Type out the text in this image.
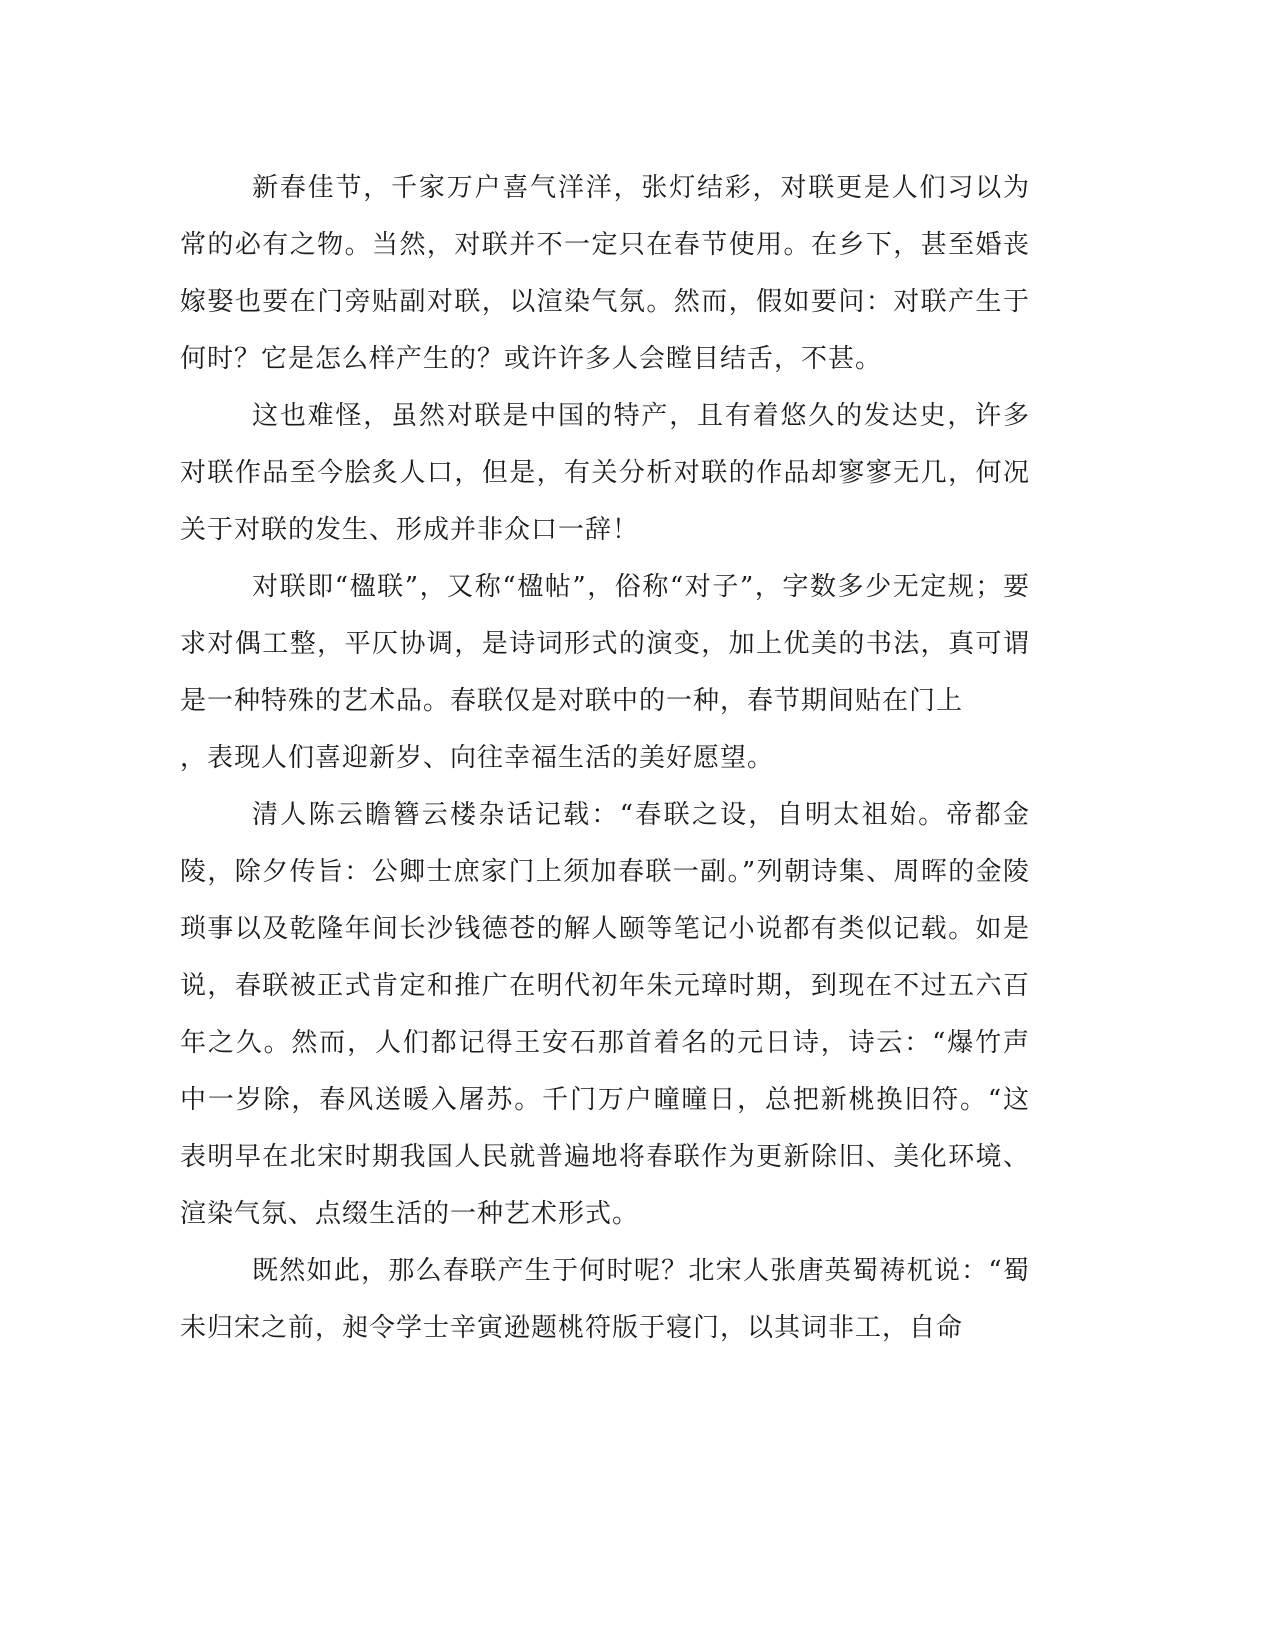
新春佳节，千家万户喜气洋洋，张灯结彩，对联更是人们习以为常的必有之物。当然，对联并不一定只在春节使用。在乡下，甚至婚丧嫁娶也要在门旁贴副对联，以渲染气氛。然而，假如要问：对联产生于何时？它是怎么样产生的？或许许多人会瞠目结舌，不甚。

这也难怪，虽然对联是中国的特产，且有着悠久的发达史，许多对联作品至今脍炙人口，但是，有关分析对联的作品却寥寥无几，何况关于对联的发生、形成并非众口一辞！

对联即“楹联”，又称“楹帖”，俗称“对子”，字数多少无定规；要求对偶工整，平仄协调，是诗词形式的演变，加上优美的书法，真可谓是一种特殊的艺术品。春联仅是对联中的一种，春节期间贴在门上
，表现人们喜迎新岁、向往幸福生活的美好愿望。

清人陈云瞻簪云楼杂话记载：“春联之设，自明太祖始。帝都金陵，除夕传旨：公卿士庶家门上须加春联一副。”列朝诗集、周晖的金陵琐事以及乾隆年间长沙钱德苍的解人颐等笔记小说都有类似记载。如是说，春联被正式肯定和推广在明代初年朱元璋时期，到现在不过五六百年之久。然而，人们都记得王安石那首着名的元日诗，诗云：“爆竹声中一岁除，春风送暖入屠苏。千门万户曈曈日，总把新桃换旧符。“这表明早在北宋时期我国人民就普遍地将春联作为更新除旧、美化环境、渲染气氛、点缀生活的一种艺术形式。

既然如此，那么春联产生于何时呢？北宋人张唐英蜀祷杌说：“蜀未归宋之前，昶令学士辛寅逊题桃符版于寝门，以其词非工，自命
